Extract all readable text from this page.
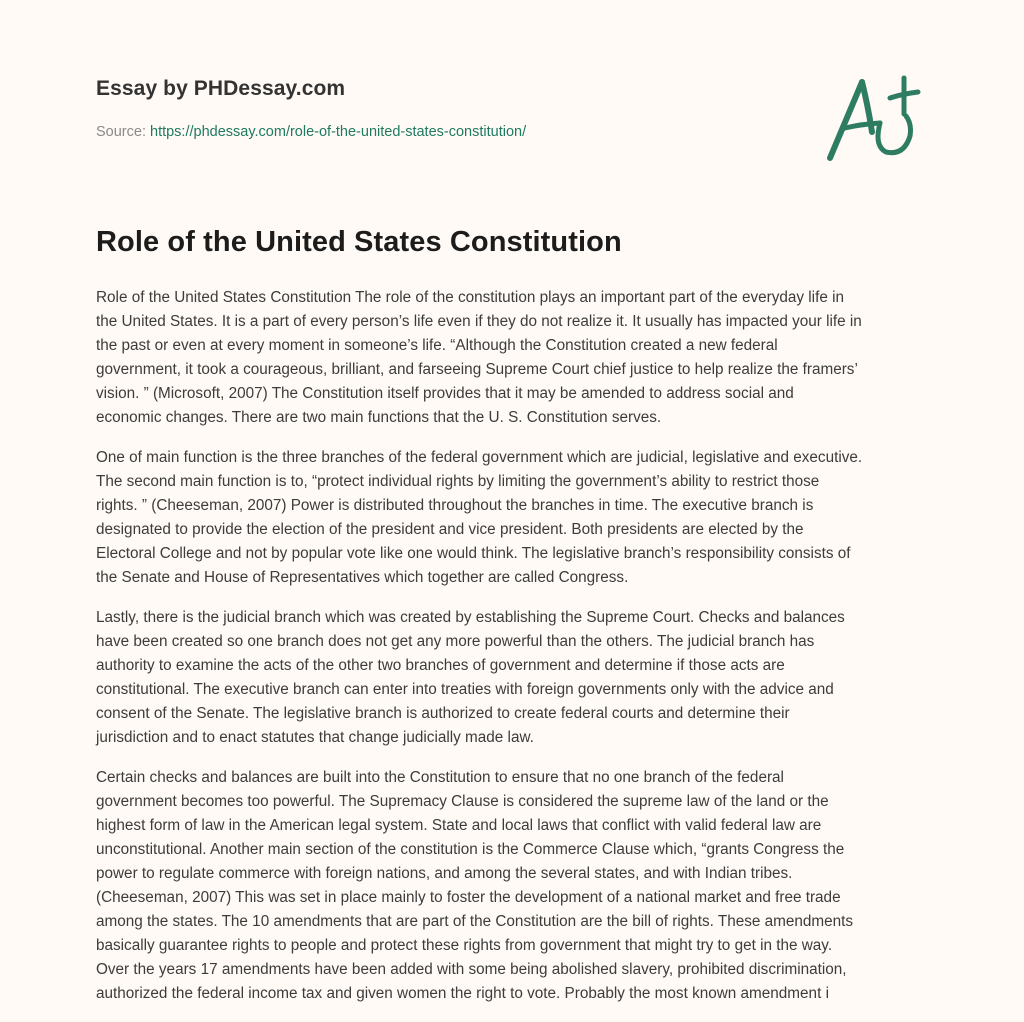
Essay by PHDessay.com
Source: https://phdessay.com/role-of-the-united-states-constitution/
Role of the United States Constitution

Role of the United States Constitution The role of the constitution plays an important part of the everyday life in
the United States. It is a part of every person’s life even if they do not realize it. It usually has impacted your life in
the past or even at every moment in someone’s life. “Although the Constitution created a new federal
government, it took a courageous, brilliant, and farseeing Supreme Court chief justice to help realize the framers’
vision. ” (Microsoft, 2007) The Constitution itself provides that it may be amended to address social and
economic changes. There are two main functions that the U. S. Constitution serves.

One of main function is the three branches of the federal government which are judicial, legislative and executive.
The second main function is to, “protect individual rights by limiting the government’s ability to restrict those
rights. ” (Cheeseman, 2007) Power is distributed throughout the branches in time. The executive branch is
designated to provide the election of the president and vice president. Both presidents are elected by the
Electoral College and not by popular vote like one would think. The legislative branch’s responsibility consists of
the Senate and House of Representatives which together are called Congress.

Lastly, there is the judicial branch which was created by establishing the Supreme Court. Checks and balances
have been created so one branch does not get any more powerful than the others. The judicial branch has
authority to examine the acts of the other two branches of government and determine if those acts are
constitutional. The executive branch can enter into treaties with foreign governments only with the advice and
consent of the Senate. The legislative branch is authorized to create federal courts and determine their
jurisdiction and to enact statutes that change judicially made law.

Certain checks and balances are built into the Constitution to ensure that no one branch of the federal
government becomes too powerful. The Supremacy Clause is considered the supreme law of the land or the
highest form of law in the American legal system. State and local laws that conflict with valid federal law are
unconstitutional. Another main section of the constitution is the Commerce Clause which, “grants Congress the
power to regulate commerce with foreign nations, and among the several states, and with Indian tribes.
(Cheeseman, 2007) This was set in place mainly to foster the development of a national market and free trade
among the states. The 10 amendments that are part of the Constitution are the bill of rights. These amendments
basically guarantee rights to people and protect these rights from government that might try to get in the way.
Over the years 17 amendments have been added with some being abolished slavery, prohibited discrimination,
authorized the federal income tax and given women the right to vote. Probably the most known amendment i
